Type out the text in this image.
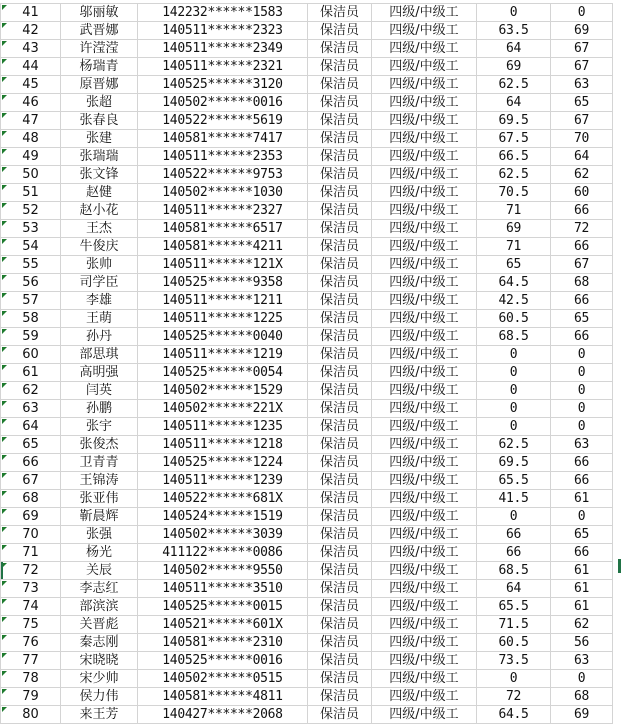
41	邬丽敏	142232******1583	保洁员	四级/中级工	0	0

42	武晋娜	140511******2323	保洁员	四级/中级工	63.5	69

43	许滢滢	140511******2349	保洁员	四级/中级工	64	67

44	杨瑞青	140511******2321	保洁员	四级/中级工	69	67

45	原晋娜	140525******3120	保洁员	四级/中级工	62.5	63

46	张超	140502******0016	保洁员	四级/中级工	64	65

47	张春良	140522******5619	保洁员	四级/中级工	69.5	67

48	张建	140581******7417	保洁员	四级/中级工	67.5	70

49	张瑞瑞	140511******2353	保洁员	四级/中级工	66.5	64

50	张文锋	140522******9753	保洁员	四级/中级工	62.5	62

51	赵健	140502******1030	保洁员	四级/中级工	70.5	60

52	赵小花	140511******2327	保洁员	四级/中级工	71	66

53	王杰	140581******6517	保洁员	四级/中级工	69	72

54	牛俊庆	140581******4211	保洁员	四级/中级工	71	66

55	张帅	140511******121X	保洁员	四级/中级工	65	67

56	司学臣	140525******9358	保洁员	四级/中级工	64.5	68

57	李雄	140511******1211	保洁员	四级/中级工	42.5	66

58	王萌	140511******1225	保洁员	四级/中级工	60.5	65

59	孙丹	140525******0040	保洁员	四级/中级工	68.5	66

60	部思琪	140511******1219	保洁员	四级/中级工	0	0

61	高明强	140525******0054	保洁员	四级/中级工	0	0

62	闫英	140502******1529	保洁员	四级/中级工	0	0

63	孙鹏	140502******221X	保洁员	四级/中级工	0	0

64	张宇	140511******1235	保洁员	四级/中级工	0	0

65	张俊杰	140511******1218	保洁员	四级/中级工	62.5	63

66	卫青青	140525******1224	保洁员	四级/中级工	69.5	66

67	王锦涛	140511******1239	保洁员	四级/中级工	65.5	66

68	张亚伟	140522******681X	保洁员	四级/中级工	41.5	61

69	靳晨辉	140524******1519	保洁员	四级/中级工	0	0

70	张强	140502******3039	保洁员	四级/中级工	66	65

71	杨光	411122******0086	保洁员	四级/中级工	66	66

72	关辰	140502******9550	保洁员	四级/中级工	68.5	61

73	李志红	140511******3510	保洁员	四级/中级工	64	61

74	部滨滨	140525******0015	保洁员	四级/中级工	65.5	61

75	关晋彪	140521******601X	保洁员	四级/中级工	71.5	62

76	秦志刚	140581******2310	保洁员	四级/中级工	60.5	56

77	宋晓晓	140525******0016	保洁员	四级/中级工	73.5	63

78	宋少帅	140502******0515	保洁员	四级/中级工	0	0

79	侯力伟	140581******4811	保洁员	四级/中级工	72	68

80	来王芳	140427******2068	保洁员	四级/中级工	64.5	69
